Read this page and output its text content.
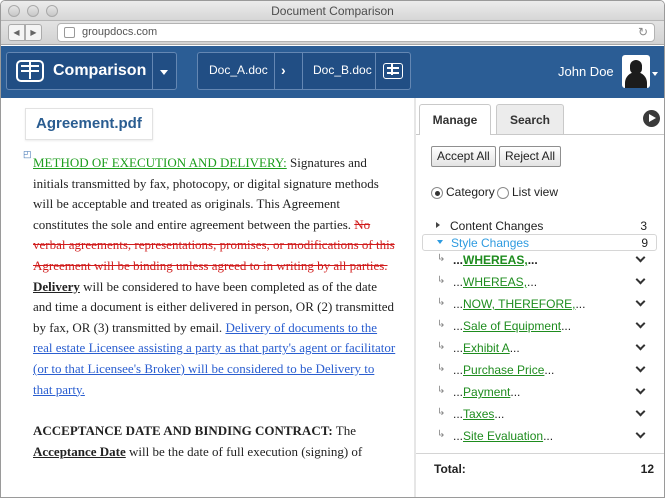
Document Comparison
◀	▶	groupdocs.com	↻
Comparison	Doc_A.doc › Doc_B.doc	John Doe
Agreement.pdf
◰

METHOD OF EXECUTION AND DELIVERY: Signatures and initials transmitted by fax, photocopy, or digital signature methods will be acceptable and treated as originals. This Agreement constitutes the sole and entire agreement between the parties. No verbal agreements, representations, promises, or modifications of this Agreement will be binding unless agreed to in writing by all parties. Delivery will be considered to have been completed as of the date and time a document is either delivered in person, OR (2) transmitted by fax, OR (3) transmitted by email. Delivery of documents to the real estate Licensee assisting a party as that party's agent or facilitator (or to that Licensee's Broker) will be considered to be Delivery to that party.

ACCEPTANCE DATE AND BINDING CONTRACT: The Acceptance Date will be the date of full execution (signing) of

Manage	Search
Accept All	Reject All
Category List view
Content Changes	3
Style Changes	9
↳ ...WHEREAS,...
↳ ...WHEREAS,...
↳ ...NOW, THEREFORE,...
↳ ...Sale of Equipment...
↳ ...Exhibit A...
↳ ...Purchase Price...
↳ ...Payment...
↳ ...Taxes...
↳ ...Site Evaluation...
Total:	12
